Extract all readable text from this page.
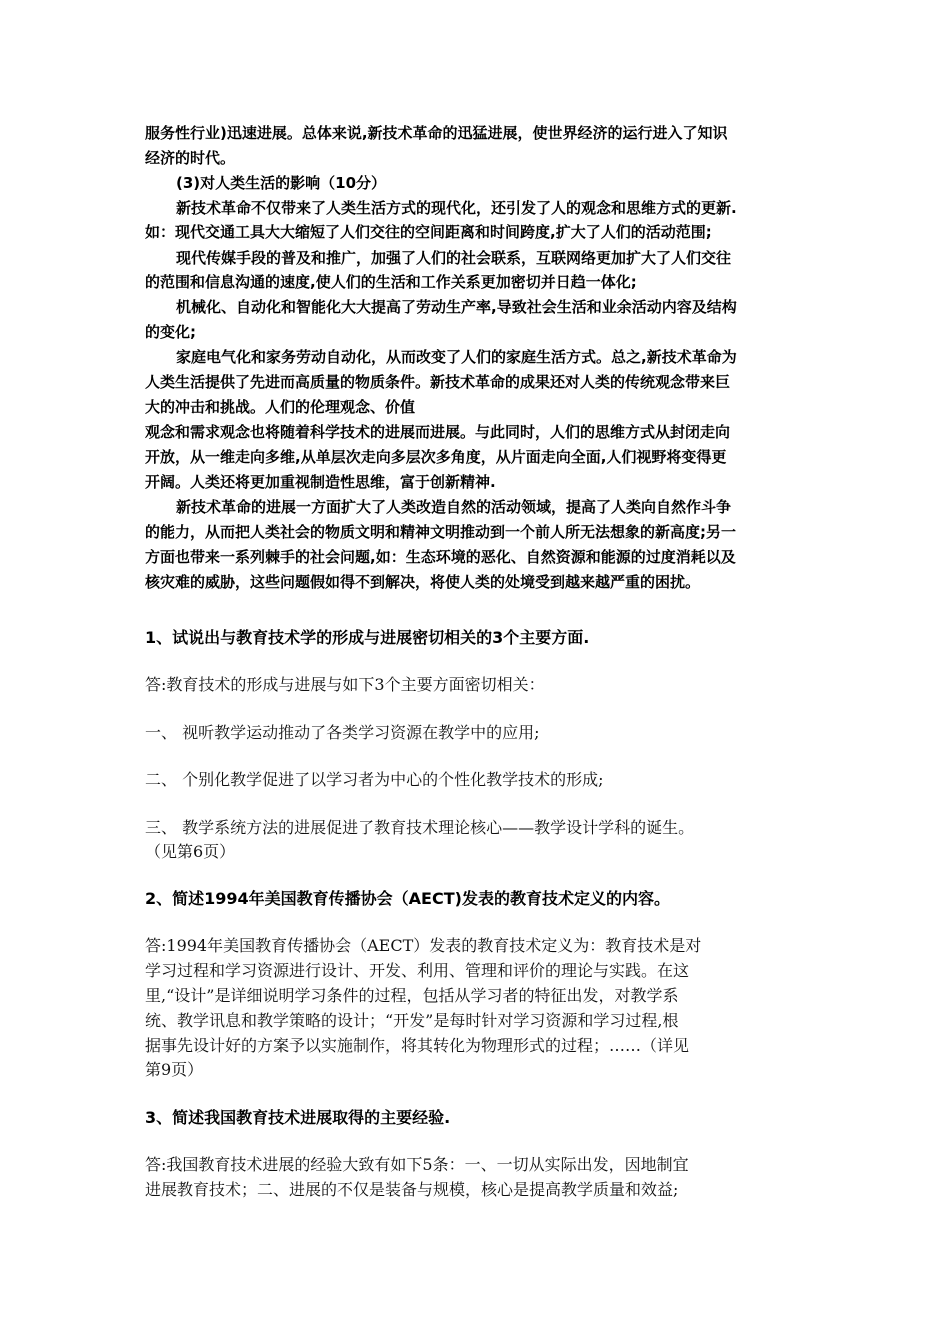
服务性行业)迅速进展。总体来说,新技术革命的迅猛进展，使世界经济的运行进入了知识
经济的时代。
(3)对人类生活的影响（10分）
新技术革命不仅带来了人类生活方式的现代化，还引发了人的观念和思维方式的更新.
如：现代交通工具大大缩短了人们交往的空间距离和时间跨度,扩大了人们的活动范围;
现代传媒手段的普及和推广，加强了人们的社会联系，互联网络更加扩大了人们交往
的范围和信息沟通的速度,使人们的生活和工作关系更加密切并日趋一体化;
机械化、自动化和智能化大大提高了劳动生产率,导致社会生活和业余活动内容及结构
的变化;
家庭电气化和家务劳动自动化，从而改变了人们的家庭生活方式。总之,新技术革命为
人类生活提供了先进而高质量的物质条件。新技术革命的成果还对人类的传统观念带来巨
大的冲击和挑战。人们的伦理观念、价值
观念和需求观念也将随着科学技术的进展而进展。与此同时，人们的思维方式从封闭走向
开放，从一维走向多维,从单层次走向多层次多角度，从片面走向全面,人们视野将变得更
开阔。人类还将更加重视制造性思维，富于创新精神.
新技术革命的进展一方面扩大了人类改造自然的活动领域，提高了人类向自然作斗争
的能力，从而把人类社会的物质文明和精神文明推动到一个前人所无法想象的新高度;另一
方面也带来一系列棘手的社会问题,如：生态环境的恶化、自然资源和能源的过度消耗以及
核灾难的威胁，这些问题假如得不到解决，将使人类的处境受到越来越严重的困扰。
1、试说出与教育技术学的形成与进展密切相关的3个主要方面.
答:教育技术的形成与进展与如下3个主要方面密切相关：
一、 视听教学运动推动了各类学习资源在教学中的应用;
二、 个别化教学促进了以学习者为中心的个性化教学技术的形成;
三、 教学系统方法的进展促进了教育技术理论核心——教学设计学科的诞生。
（见第6页）
2、简述1994年美国教育传播协会（AECT)发表的教育技术定义的内容。
答:1994年美国教育传播协会（AECT）发表的教育技术定义为：教育技术是对
学习过程和学习资源进行设计、开发、利用、管理和评价的理论与实践。在这
里,“设计”是详细说明学习条件的过程，包括从学习者的特征出发，对教学系
统、教学讯息和教学策略的设计；“开发”是每时针对学习资源和学习过程,根
据事先设计好的方案予以实施制作，将其转化为物理形式的过程；……（详见
第9页）
3、简述我国教育技术进展取得的主要经验.
答:我国教育技术进展的经验大致有如下5条：一、一切从实际出发，因地制宜
进展教育技术；二、进展的不仅是装备与规模，核心是提高教学质量和效益;
